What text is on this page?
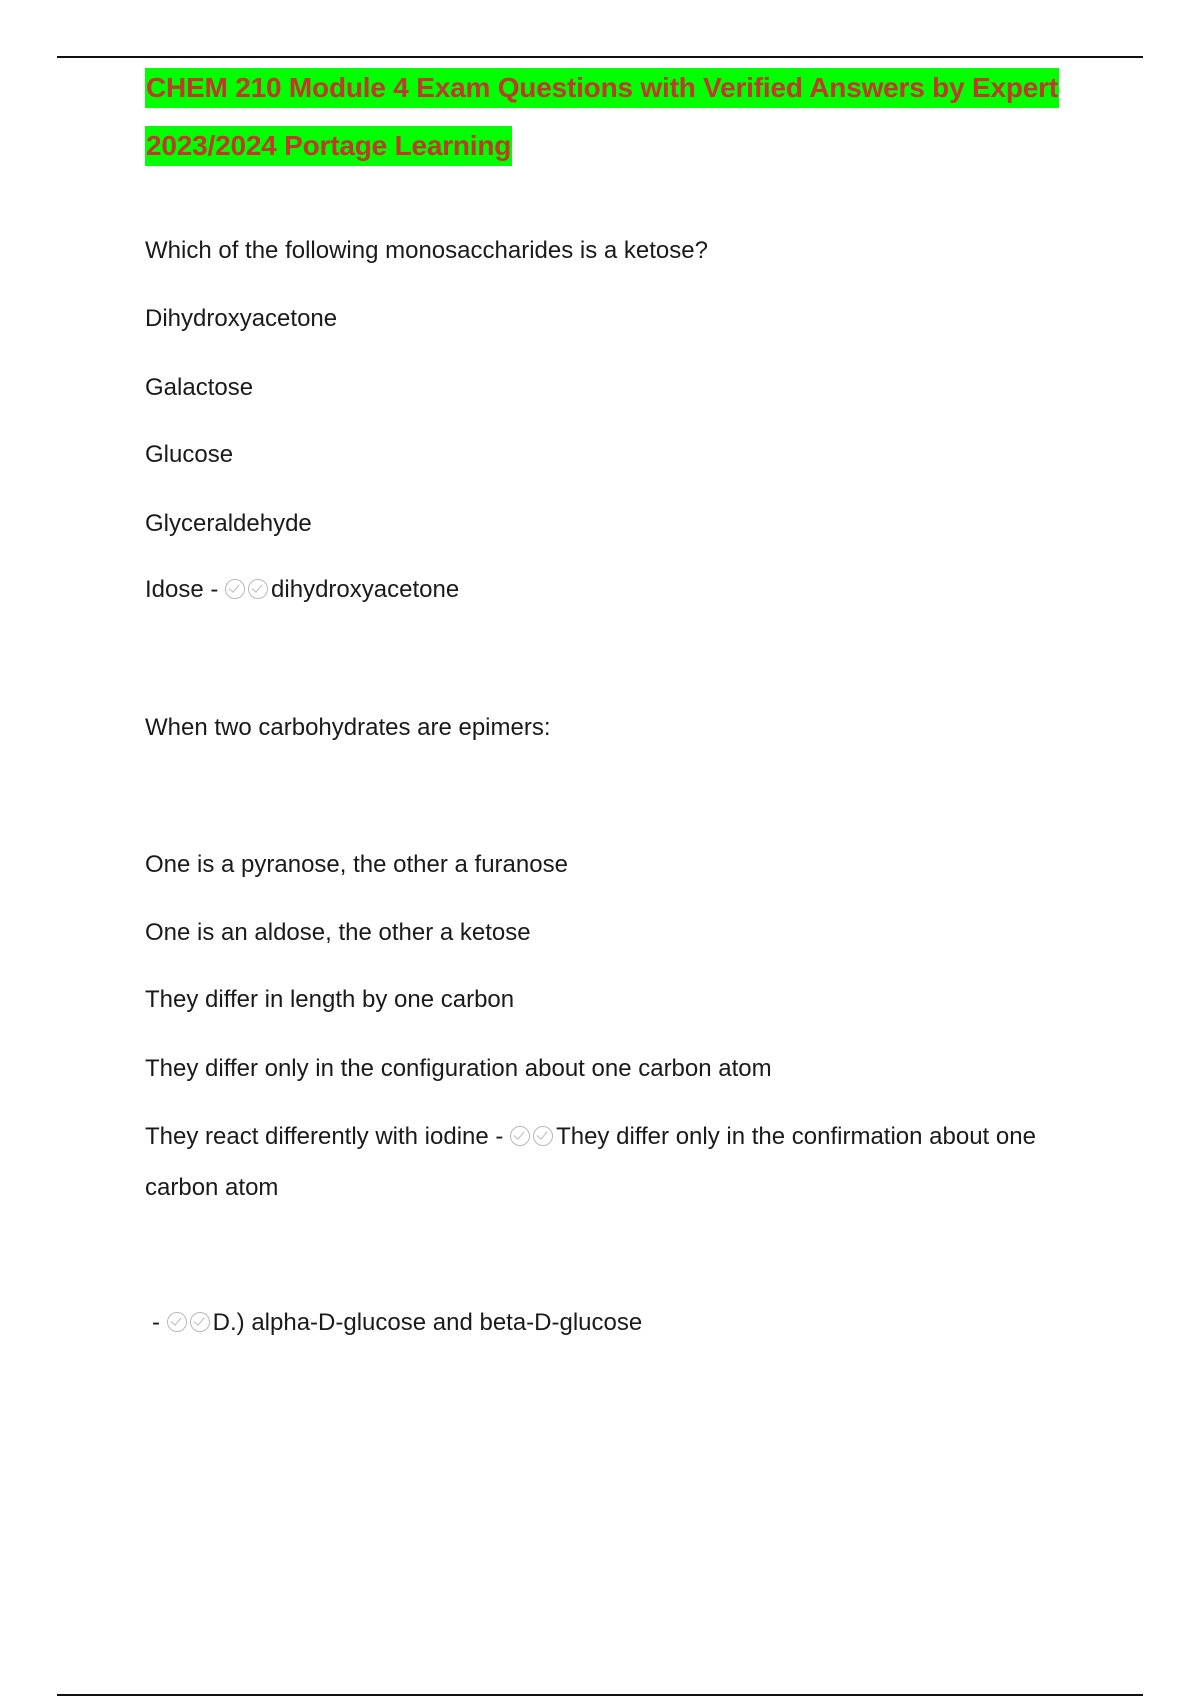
CHEM 210 Module 4 Exam Questions with Verified Answers by Expert
2023/2024 Portage Learning

Which of the following monosaccharides is a ketose?

Dihydroxyacetone

Galactose

Glucose

Glyceraldehyde

Idose - dihydroxyacetone

When two carbohydrates are epimers:

One is a pyranose, the other a furanose

One is an aldose, the other a ketose

They differ in length by one carbon

They differ only in the configuration about one carbon atom

They react differently with iodine - They differ only in the confirmation about one carbon atom

- D.) alpha-D-glucose and beta-D-glucose
